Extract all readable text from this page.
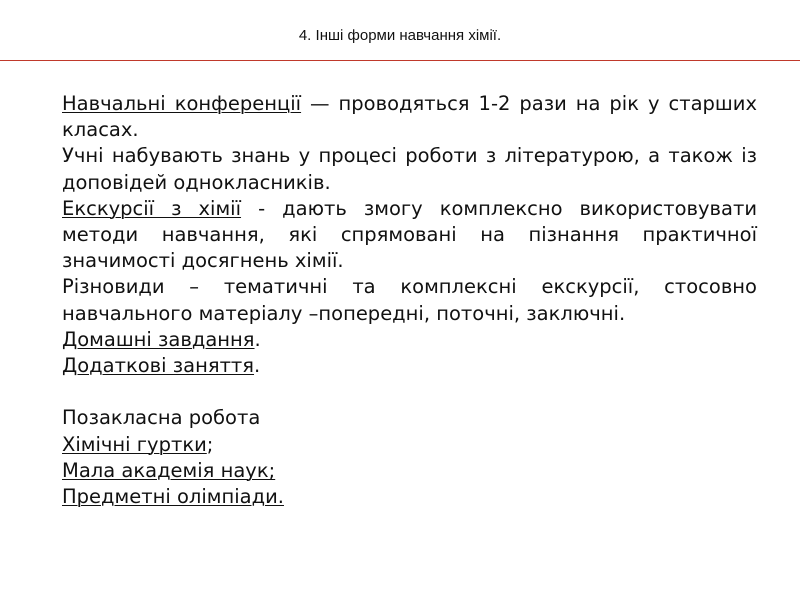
4. Інші форми навчання хімії.

Навчальні конференції — проводяться 1-2 рази на рік у старших класах.

Учні набувають знань у процесі роботи з літературою, а також із доповідей однокласників.

Екскурсії з хімії - дають змогу комплексно використовувати методи навчання, які спрямовані на пізнання практичної значимості досягнень хімії.

Різновиди – тематичні та комплексні екскурсії, стосовно навчального матеріалу –попередні, поточні, заключні.

Домашні завдання.

Додаткові заняття.

Позакласна робота

Хімічні гуртки;

Мала академія наук;

Предметні олімпіади.
